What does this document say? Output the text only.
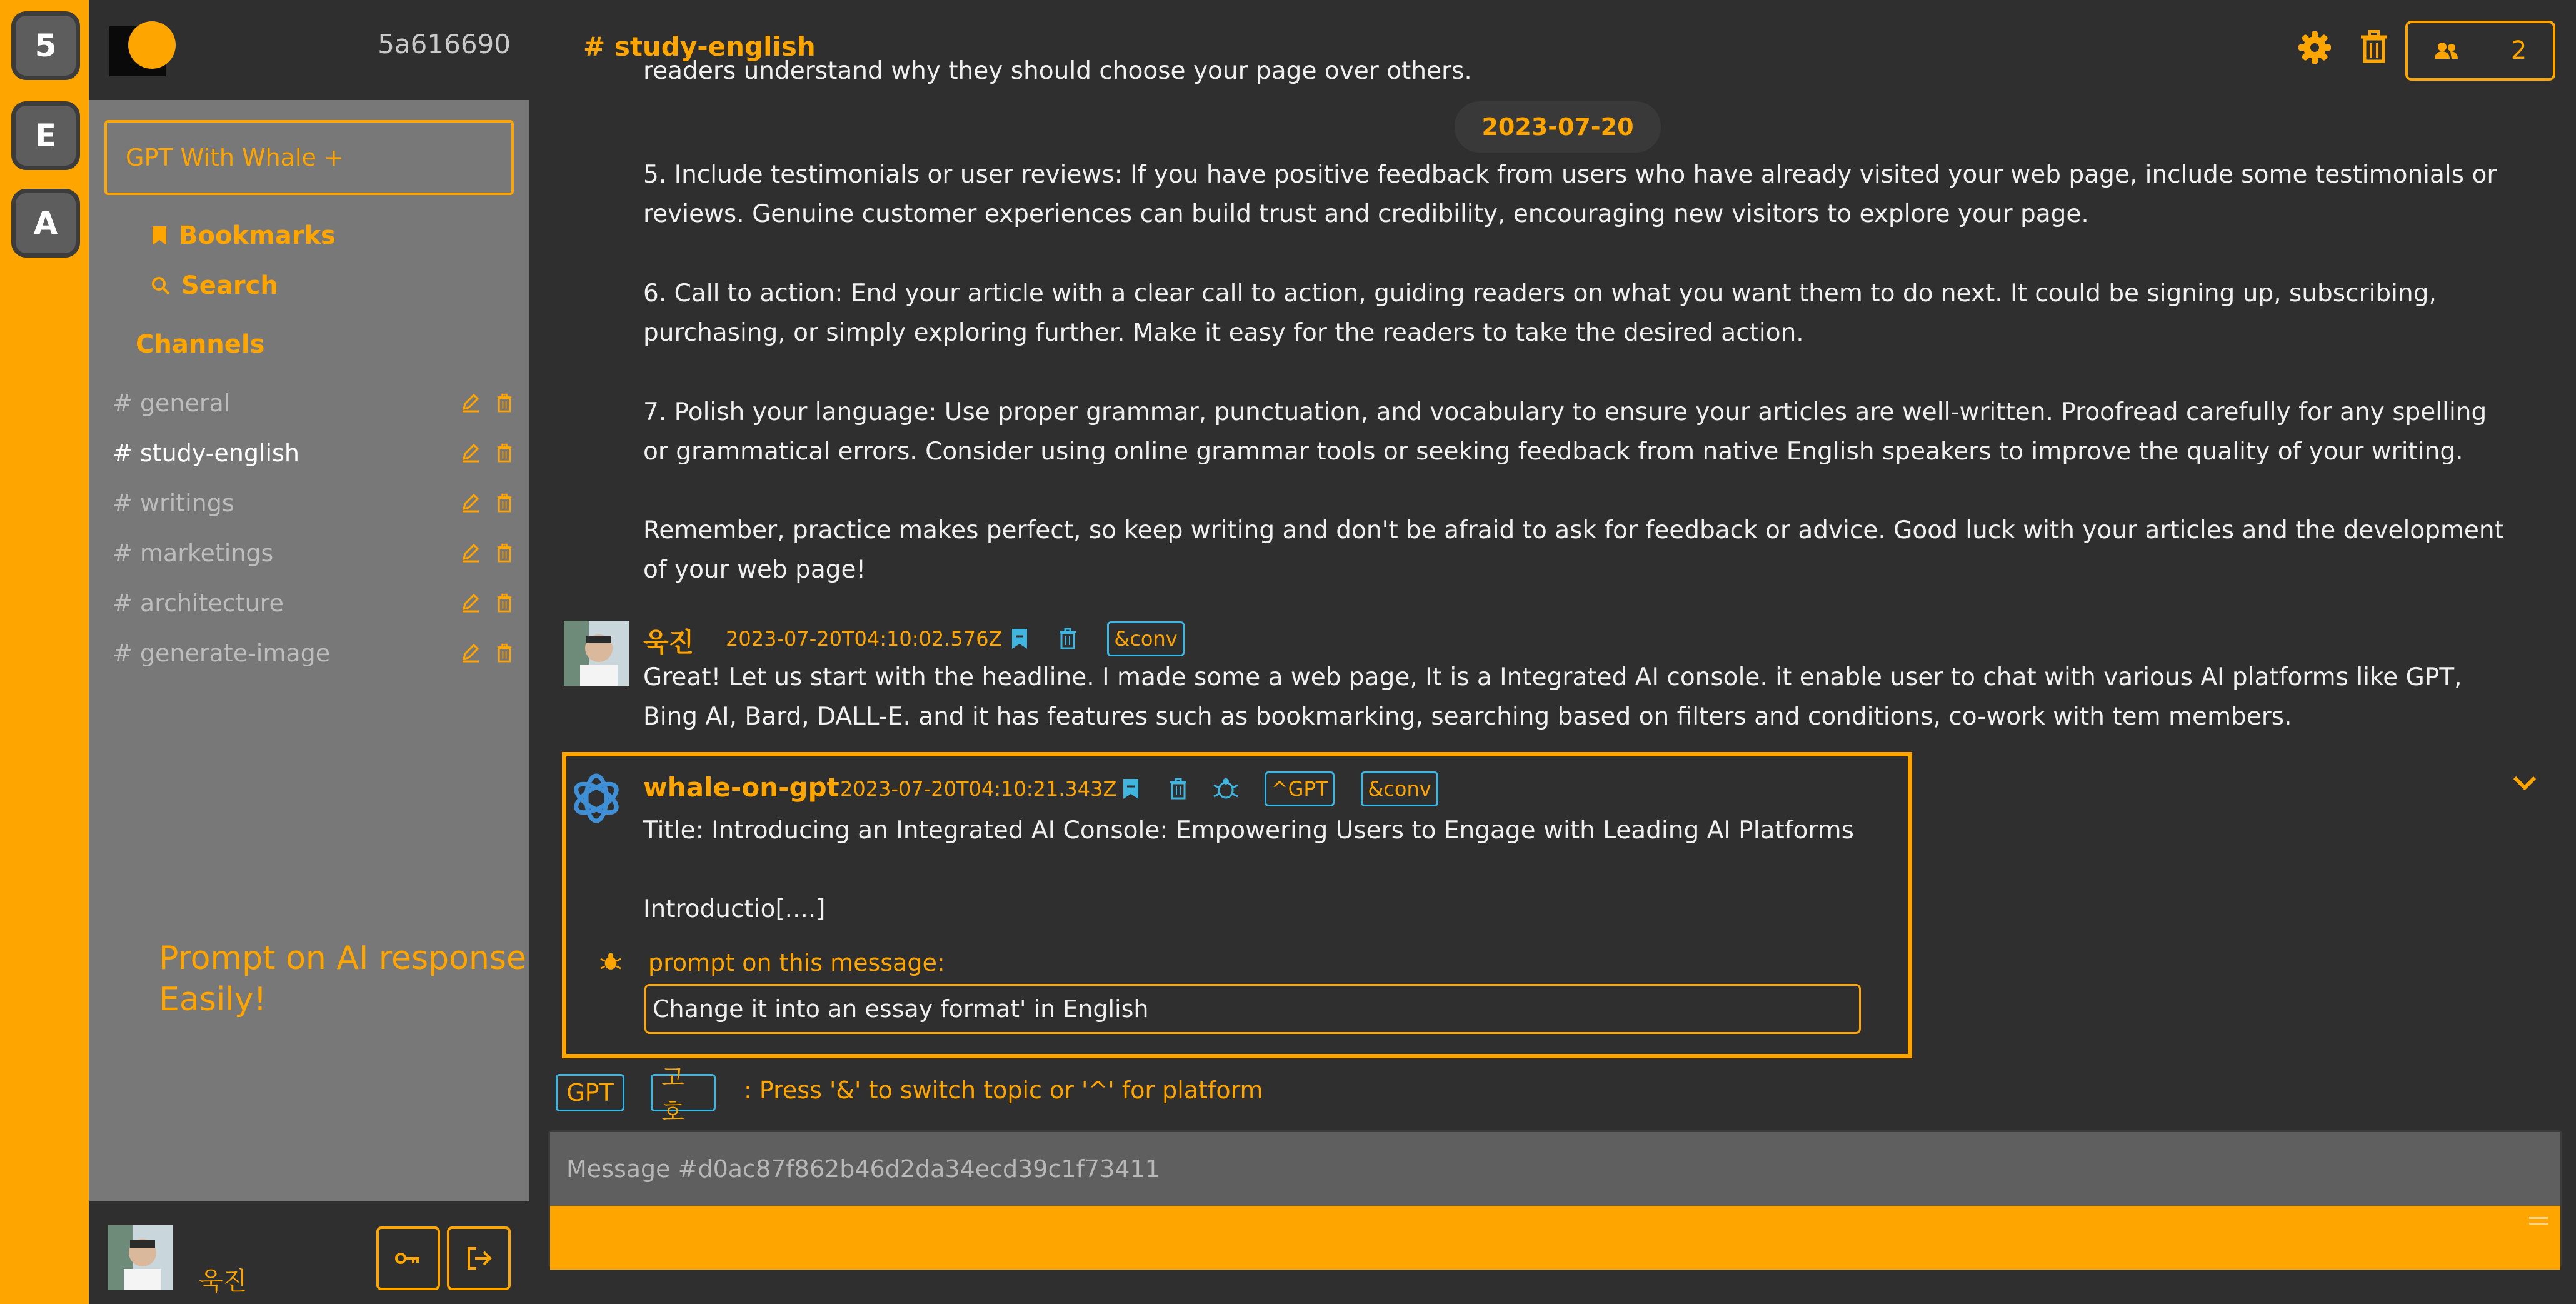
5
E
A
5a616690
GPT With Whale +
Bookmarks
Search
Channels
# general
# study-english
# writings
# marketings
# architecture
# generate-image
Prompt on AI response
Easily!
욱진
readers understand why they should choose your page over others.
5. Include testimonials or user reviews: If you have positive feedback from users who have already visited your web page, include some testimonials or reviews. Genuine customer experiences can build trust and credibility, encouraging new visitors to explore your page.
6. Call to action: End your article with a clear call to action, guiding readers on what you want them to do next. It could be signing up, subscribing, purchasing, or simply exploring further. Make it easy for the readers to take the desired action.
7. Polish your language: Use proper grammar, punctuation, and vocabulary to ensure your articles are well-written. Proofread carefully for any spelling or grammatical errors. Consider using online grammar tools or seeking feedback from native English speakers to improve the quality of your writing.
Remember, practice makes perfect, so keep writing and don't be afraid to ask for feedback or advice. Good luck with your articles and the development of your web page!
욱진 2023-07-20T04:10:02.576Z	&conv
Great! Let us start with the headline. I made some a web page, It is a Integrated AI console. it enable user to chat with various AI platforms like GPT, Bing AI, Bard, DALL-E. and it has features such as bookmarking, searching based on filters and conditions, co-work with tem members.
whale-on-gpt 2023-07-20T04:10:21.343Z	^GPT	&conv
Title: Introducing an Integrated AI Console: Empowering Users to Engage with Leading AI Platforms
Introductio[....]
prompt on this message:
Change it into an essay format' in English
2023-07-20
# study-english	2
GPT
고호
: Press '&' to switch topic or '^' for platform
Message #d0ac87f862b46d2da34ecd39c1f73411
